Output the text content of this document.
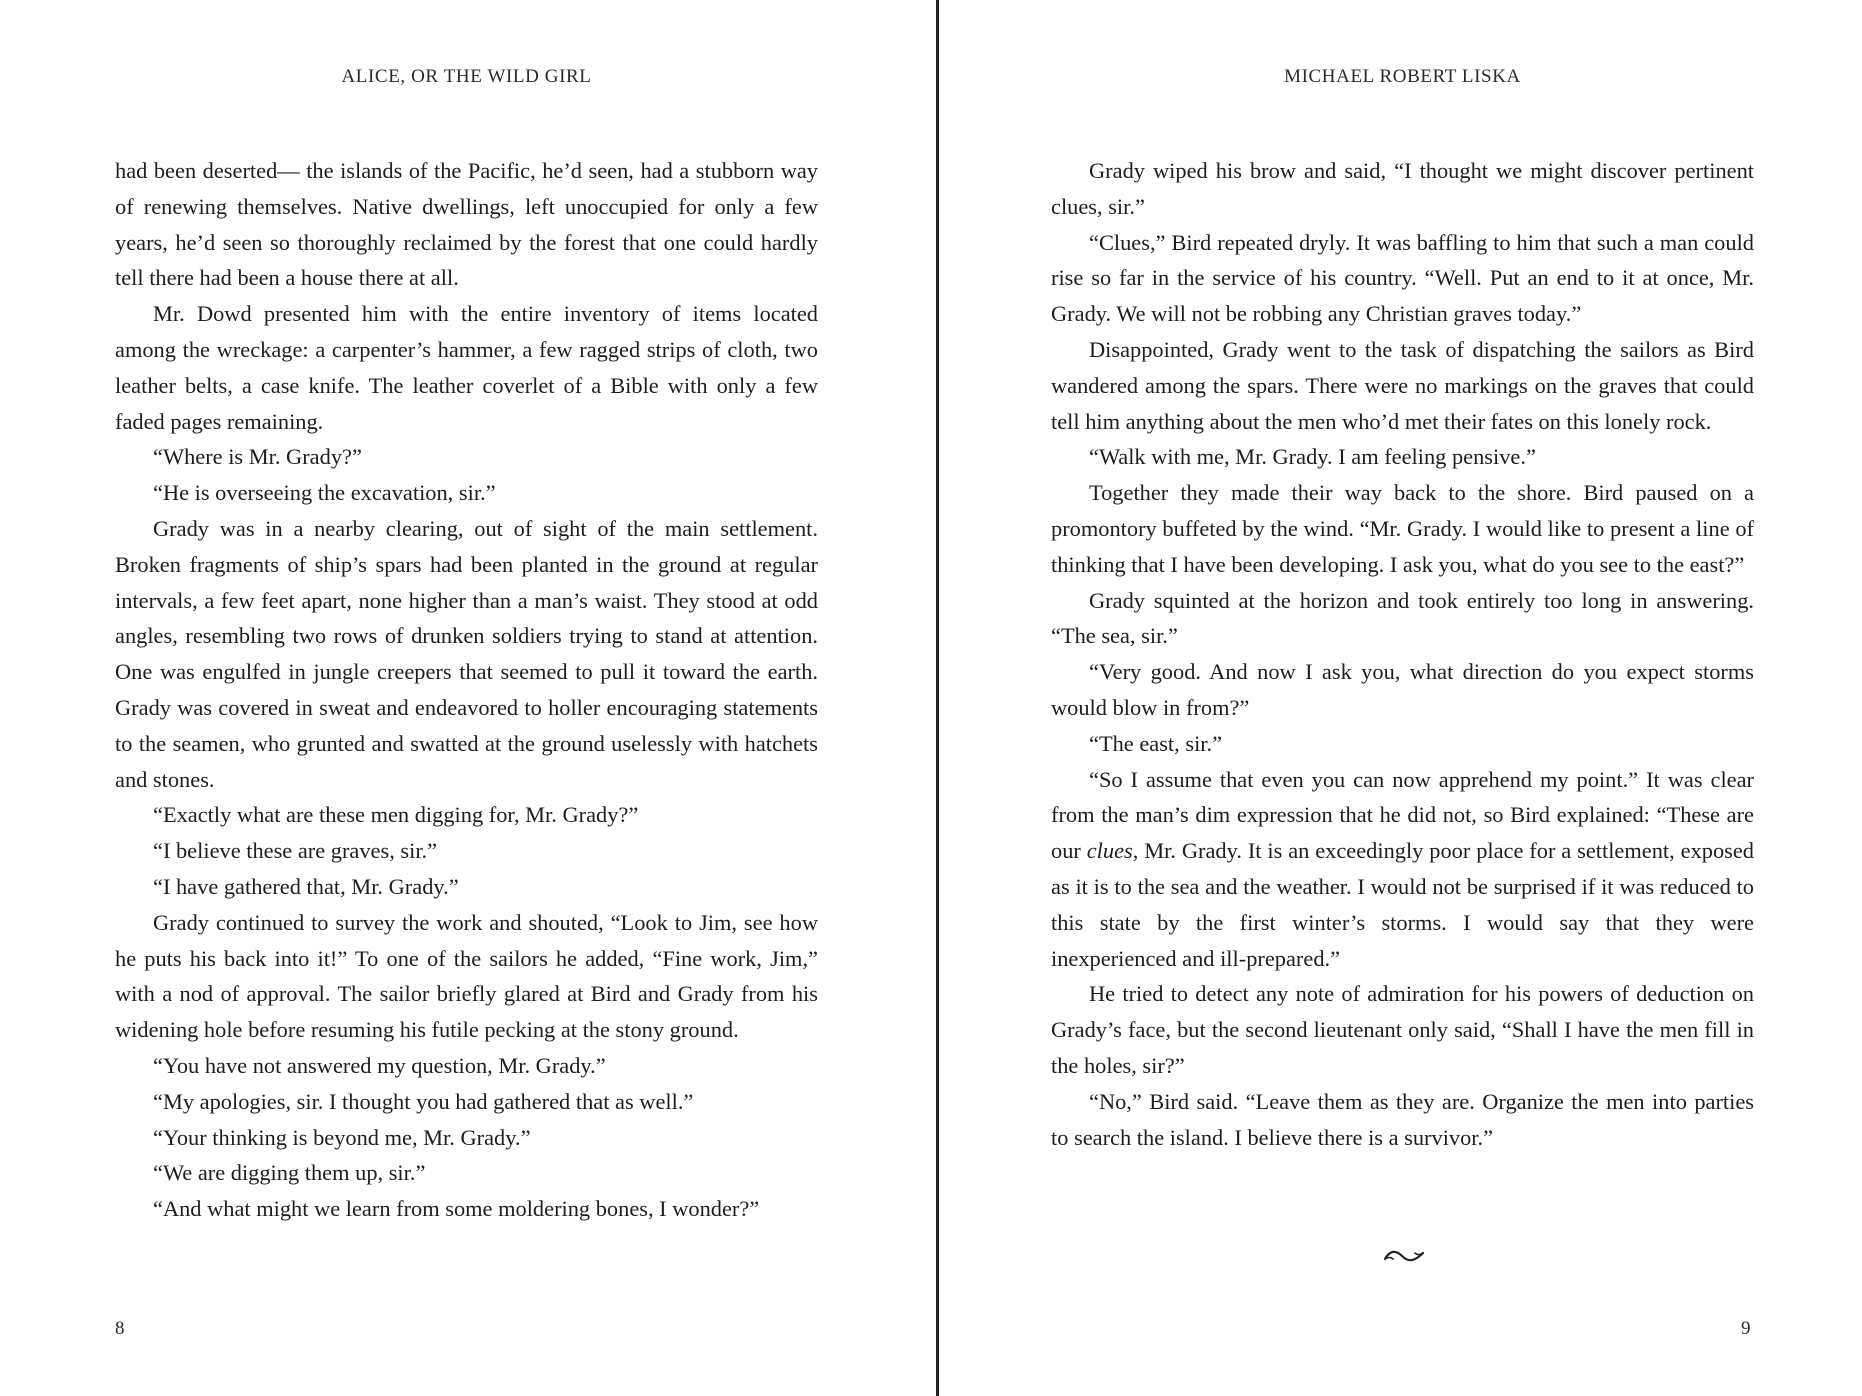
ALICE, OR THE WILD GIRL

had been deserted— the islands of the Pacific, he’d seen, had a stubborn way of renewing themselves. Native dwellings, left unoccupied for only a few years, he’d seen so thoroughly reclaimed by the forest that one could hardly tell there had been a house there at all.

Mr. Dowd presented him with the entire inventory of items located among the wreckage: a carpenter’s hammer, a few ragged strips of cloth, two leather belts, a case knife. The leather coverlet of a Bible with only a few faded pages remaining.

“Where is Mr. Grady?”

“He is overseeing the excavation, sir.”

Grady was in a nearby clearing, out of sight of the main settlement. Broken fragments of ship’s spars had been planted in the ground at regular intervals, a few feet apart, none higher than a man’s waist. They stood at odd angles, resembling two rows of drunken soldiers trying to stand at attention. One was engulfed in jungle creepers that seemed to pull it toward the earth. Grady was covered in sweat and endeavored to holler encouraging statements to the seamen, who grunted and swatted at the ground uselessly with hatchets and stones.

“Exactly what are these men digging for, Mr. Grady?”

“I believe these are graves, sir.”

“I have gathered that, Mr. Grady.”

Grady continued to survey the work and shouted, “Look to Jim, see how he puts his back into it!” To one of the sailors he added, “Fine work, Jim,” with a nod of approval. The sailor briefly glared at Bird and Grady from his widening hole before resuming his futile pecking at the stony ground.

“You have not answered my question, Mr. Grady.”

“My apologies, sir. I thought you had gathered that as well.”

“Your thinking is beyond me, Mr. Grady.”

“We are digging them up, sir.”

“And what might we learn from some moldering bones, I wonder?”

8
MICHAEL ROBERT LISKA

Grady wiped his brow and said, “I thought we might discover pertinent clues, sir.”

“Clues,” Bird repeated dryly. It was baffling to him that such a man could rise so far in the service of his country. “Well. Put an end to it at once, Mr. Grady. We will not be robbing any Christian graves today.”

Disappointed, Grady went to the task of dispatching the sailors as Bird wandered among the spars. There were no markings on the graves that could tell him anything about the men who’d met their fates on this lonely rock.

“Walk with me, Mr. Grady. I am feeling pensive.”

Together they made their way back to the shore. Bird paused on a promontory buffeted by the wind. “Mr. Grady. I would like to present a line of thinking that I have been developing. I ask you, what do you see to the east?”

Grady squinted at the horizon and took entirely too long in answering. “The sea, sir.”

“Very good. And now I ask you, what direction do you expect storms would blow in from?”

“The east, sir.”

“So I assume that even you can now apprehend my point.” It was clear from the man’s dim expression that he did not, so Bird explained: “These are our clues, Mr. Grady. It is an exceedingly poor place for a settlement, exposed as it is to the sea and the weather. I would not be surprised if it was reduced to this state by the first winter’s storms. I would say that they were inexperienced and ill-prepared.”

He tried to detect any note of admiration for his powers of deduction on Grady’s face, but the second lieutenant only said, “Shall I have the men fill in the holes, sir?”

“No,” Bird said. “Leave them as they are. Organize the men into parties to search the island. I believe there is a survivor.”

9
